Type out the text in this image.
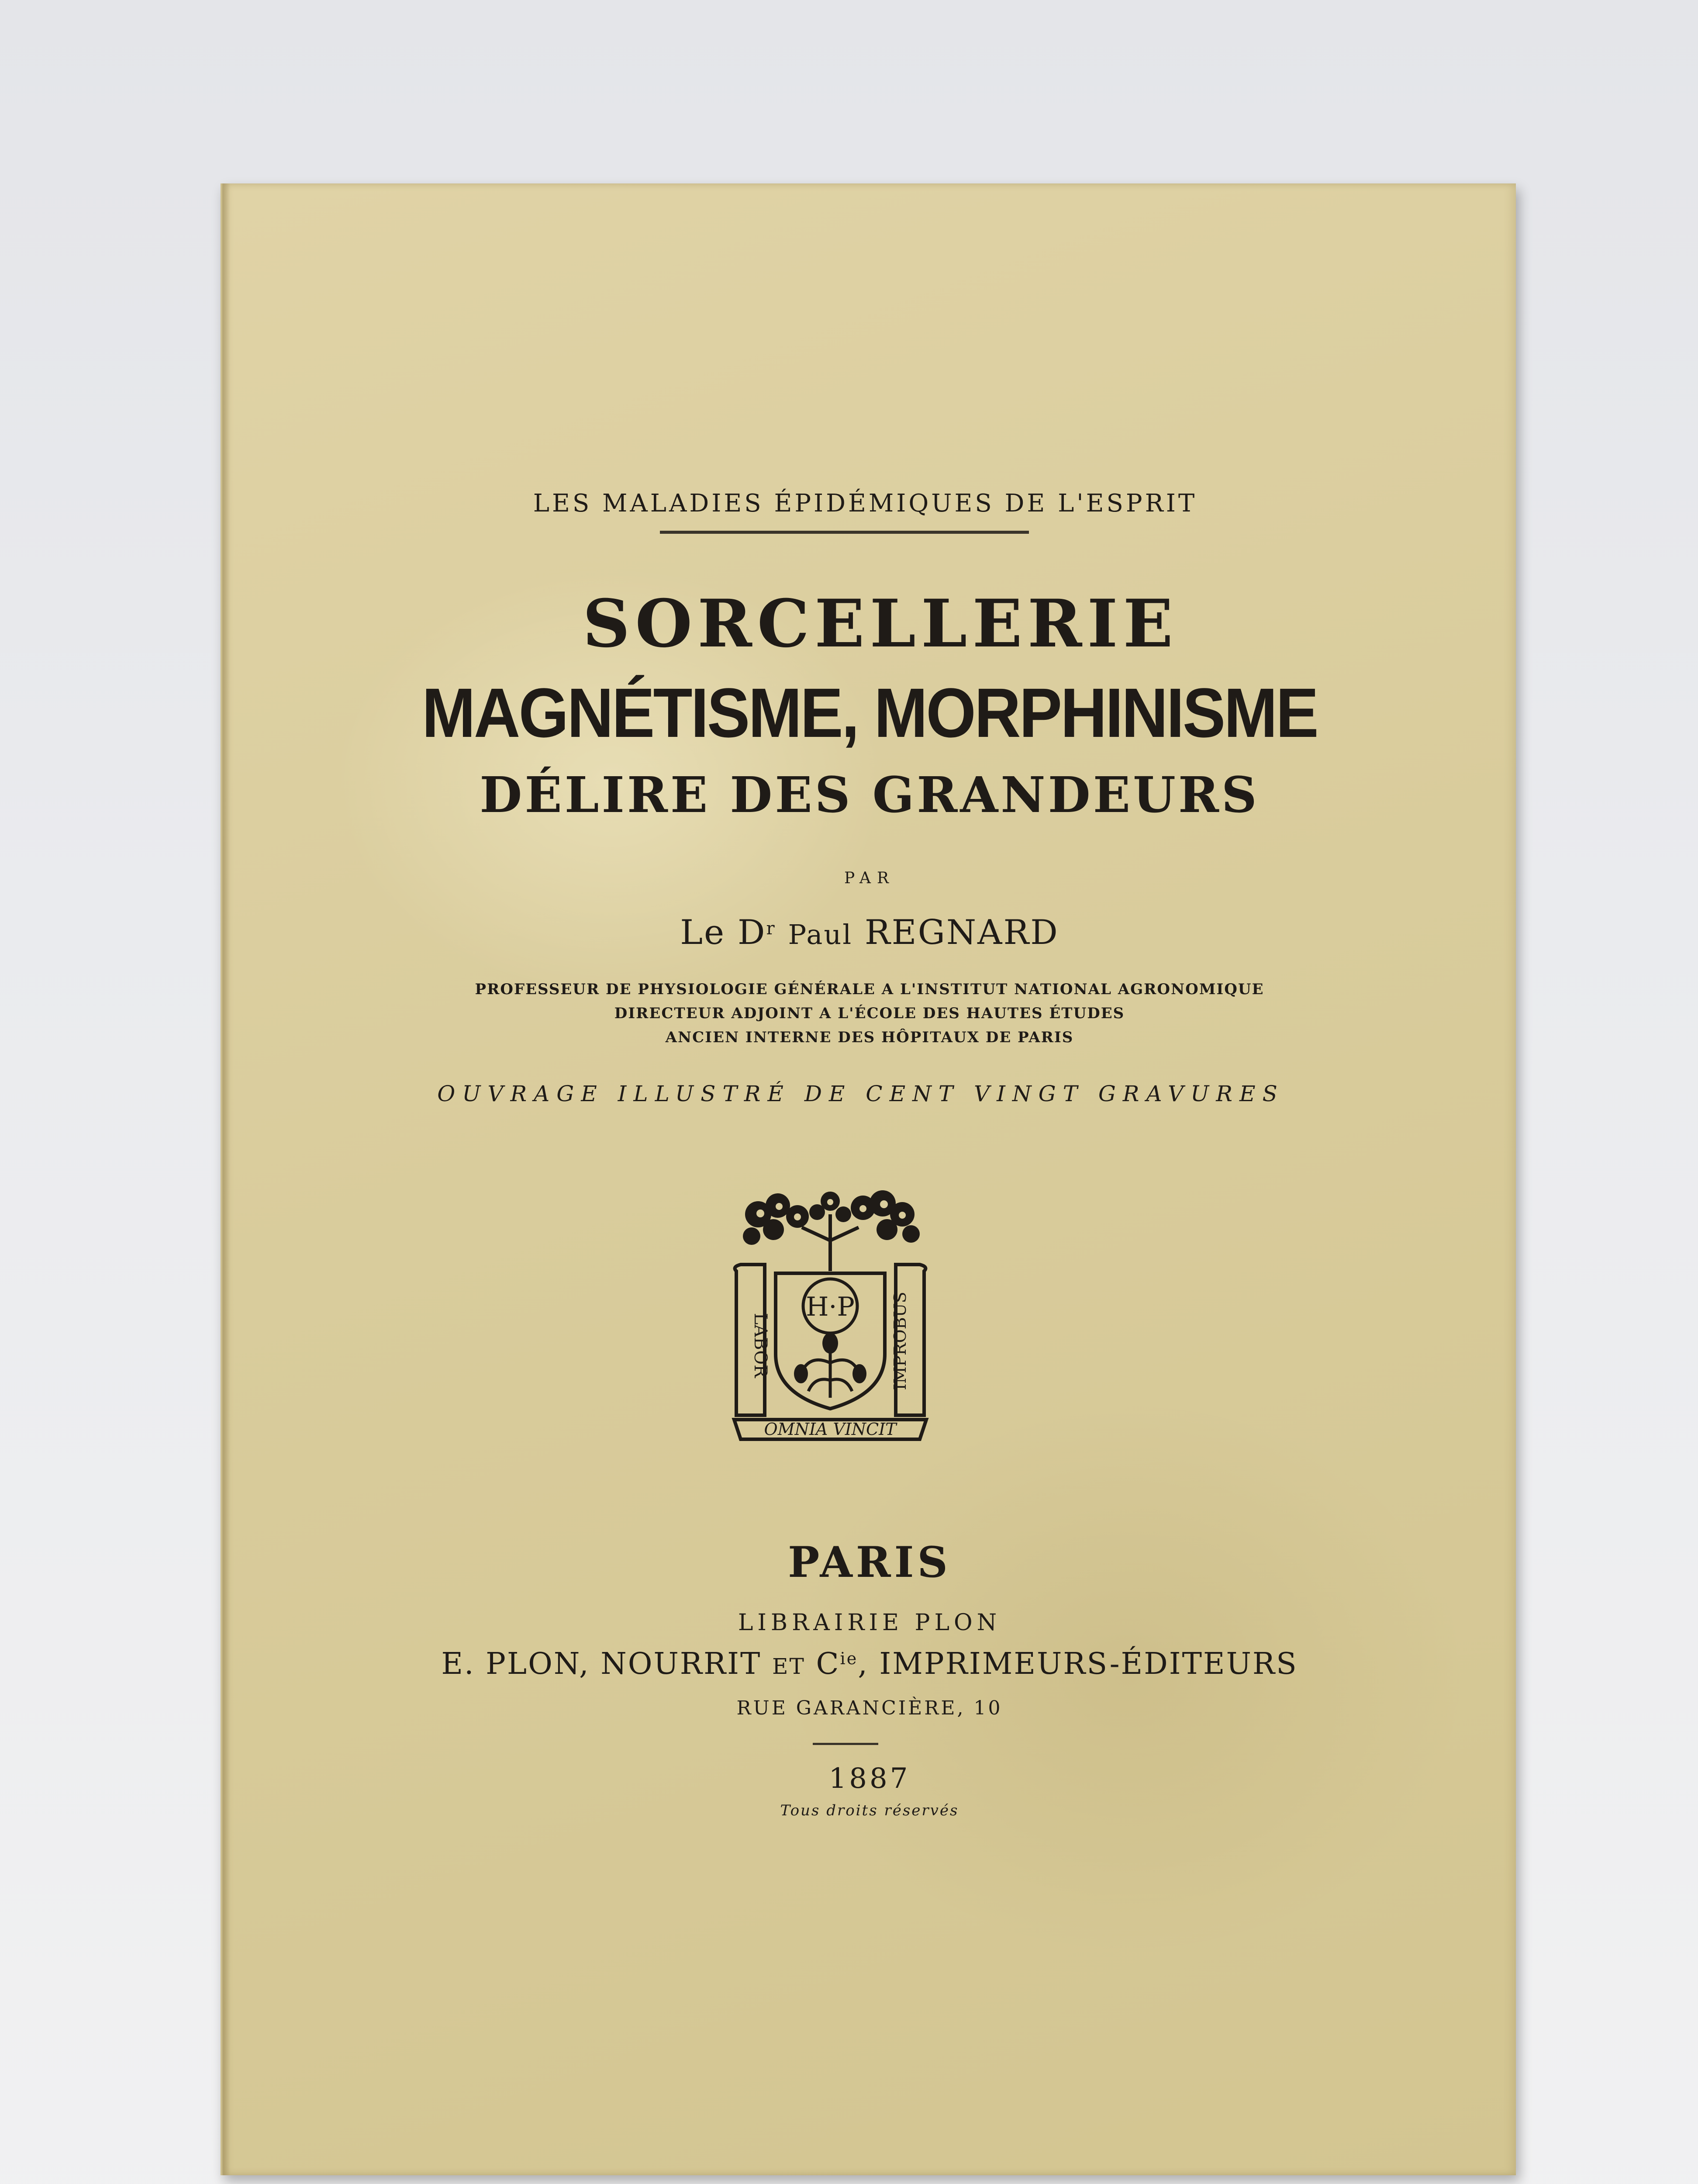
LES MALADIES ÉPIDÉMIQUES DE L'ESPRIT
SORCELLERIE
MAGNÉTISME, MORPHINISME
DÉLIRE DES GRANDEURS
PAR
Le $D^r$ Paul REGNARD
PROFESSEUR DE PHYSIOLOGIE GÉNÉRALE A L'INSTITUT NATIONAL AGRONOMIQUE
DIRECTEUR ADJOINT A L'ÉCOLE DES HAUTES ÉTUDES
ANCIEN INTERNE DES HÔPITAUX DE PARIS
OUVRAGE ILLUSTRÉ DE CENT VINGT GRAVURES
H·P
LABOR	IMPROBUS
OMNIA VINCIT
PARIS
LIBRAIRIE PLON
E. PLON, NOURRIT ET $C^{ie}$, IMPRIMEURS-ÉDITEURS
RUE GARANCIÈRE, 10
1887
Tous droits réservés
